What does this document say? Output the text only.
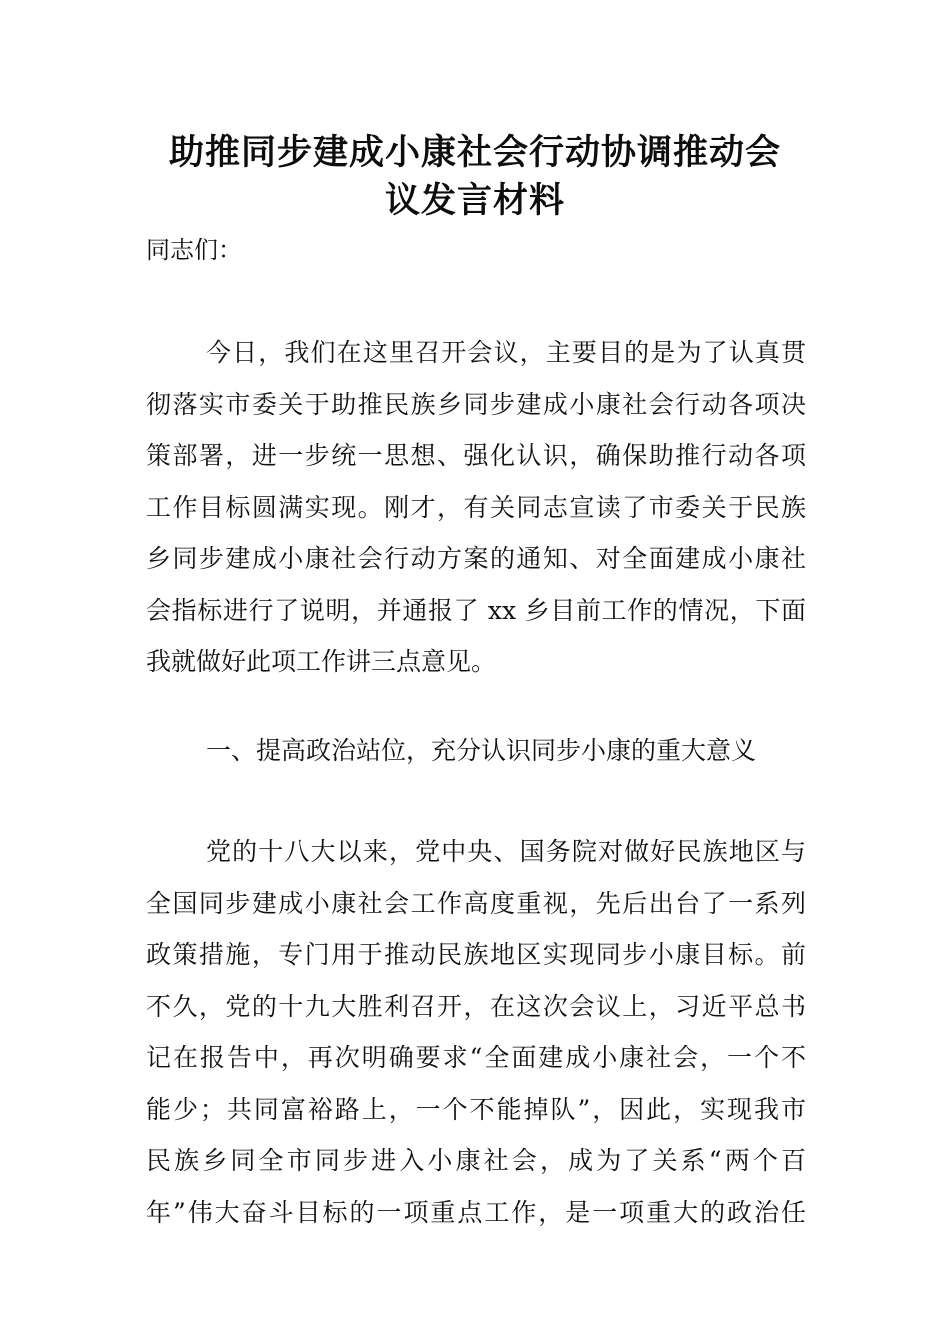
助推同步建成小康社会行动协调推动会
议发言材料
同志们：
今日，我们在这里召开会议，主要目的是为了认真贯
彻落实市委关于助推民族乡同步建成小康社会行动各项决
策部署，进一步统一思想、强化认识，确保助推行动各项
工作目标圆满实现。刚才，有关同志宣读了市委关于民族
乡同步建成小康社会行动方案的通知、对全面建成小康社
会指标进行了说明，并通报了 xx 乡目前工作的情况，下面
我就做好此项工作讲三点意见。
一、提高政治站位，充分认识同步小康的重大意义
党的十八大以来，党中央、国务院对做好民族地区与
全国同步建成小康社会工作高度重视，先后出台了一系列
政策措施，专门用于推动民族地区实现同步小康目标。前
不久，党的十九大胜利召开，在这次会议上，习近平总书
记在报告中，再次明确要求“全面建成小康社会，一个不
能少；共同富裕路上，一个不能掉队”，因此，实现我市
民族乡同全市同步进入小康社会，成为了关系“两个百
年”伟大奋斗目标的一项重点工作，是一项重大的政治任
